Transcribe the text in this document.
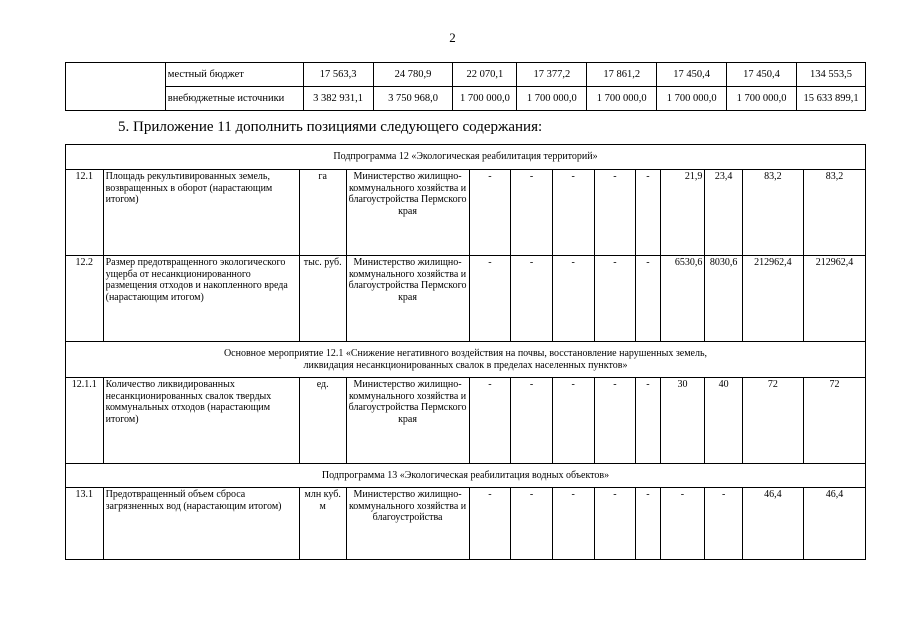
2
	местный бюджет	17 563,3	24 780,9	22 070,1	17 377,2	17 861,2	17 450,4	17 450,4	134 553,5
	внебюджетные источники	3 382 931,1	3 750 968,0	1 700 000,0	1 700 000,0	1 700 000,0	1 700 000,0	1 700 000,0	15 633 899,1
5. Приложение 11 дополнить позициями следующего содержания:
Подпрограмма 12 «Экологическая реабилитация территорий»												
12.1	Площадь рекультивированных земель, возвращенных в оборот (нарастающим итогом)	га	Министерство жилищно-коммунального хозяйства и благоустройства Пермского края	-	-	-	-	-	21,9	23,4	83,2	83,2
12.2	Размер предотвращенного экологического ущерба от несанкционированного размещения отходов и накопленного вреда (нарастающим итогом)	тыс. руб.	Министерство жилищно-коммунального хозяйства и благоустройства Пермского края	-	-	-	-	-	6530,6	8030,6	212962,4	212962,4

Основное мероприятие 12.1 «Снижение негативного воздействия на почвы, восстановление нарушенных земель,
ликвидация несанкционированных свалок в пределах населенных пунктов»												

12.1.1	Количество ликвидированных несанкционированных свалок твердых коммунальных отходов (нарастающим итогом)	ед.	Министерство жилищно-коммунального хозяйства и благоустройства Пермского края	-	-	-	-	-	30	40	72	72
Подпрограмма 13 «Экологическая реабилитация водных объектов»												
13.1	Предотвращенный объем сброса загрязненных вод (нарастающим итогом)	млн куб. м	Министерство жилищно-коммунального хозяйства и благоустройства	-	-	-	-	-	-	-	46,4	46,4
